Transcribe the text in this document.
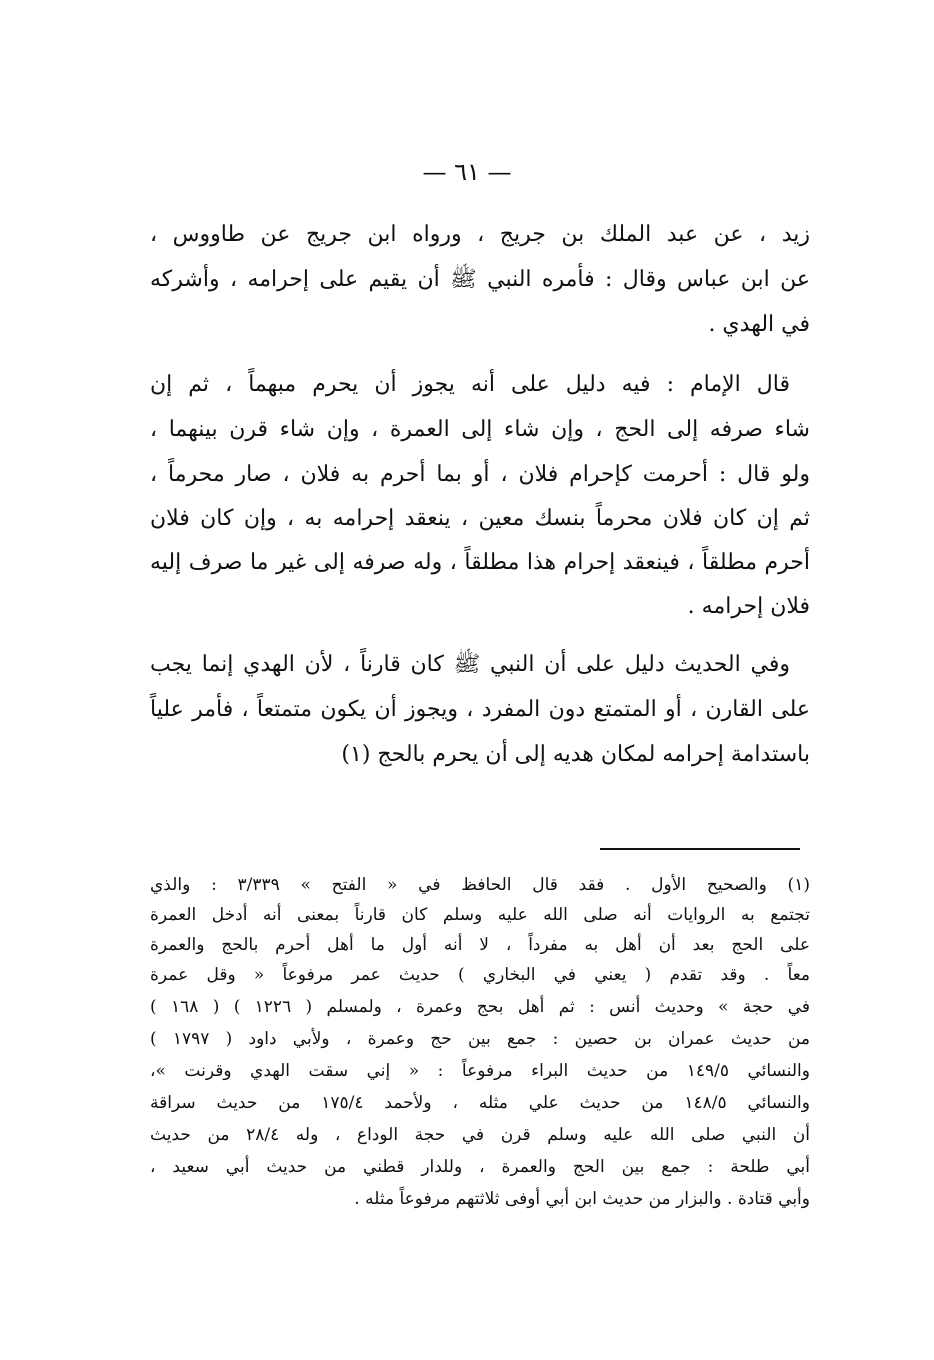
— ٦١ —
زيد ، عن عبد الملك بن جريج ، ورواه ابن جريج عن طاووس ،
عن ابن عباس وقال : فأمره النبي ﷺ أن يقيم على إحرامه ، وأشركه
في الهدي .
قال الإمام : فيه دليل على أنه يجوز أن يحرم مبهماً ، ثم إن
شاء صرفه إلى الحج ، وإن شاء إلى العمرة ، وإن شاء قرن بينهما ،
ولو قال : أحرمت كإحرام فلان ، أو بما أحرم به فلان ، صار محرماً ،
ثم إن كان فلان محرماً بنسك معين ، ينعقد إحرامه به ، وإن كان فلان
أحرم مطلقاً ، فينعقد إحرام هذا مطلقاً ، وله صرفه إلى غير ما صرف إليه
فلان إحرامه .
وفي الحديث دليل على أن النبي ﷺ كان قارناً ، لأن الهدي إنما يجب
على القارن ، أو المتمتع دون المفرد ، ويجوز أن يكون متمتعاً ، فأمر علياً
باستدامة إحرامه لمكان هديه إلى أن يحرم بالحج (١)
(١) والصحيح الأول . فقد قال الحافظ في « الفتح » ٣/٣٣٩ : والذي
تجتمع به الروايات أنه صلى الله عليه وسلم كان قارناً بمعنى أنه أدخل العمرة
على الحج بعد أن أهل به مفرداً ، لا أنه أول ما أهل أحرم بالحج والعمرة
معاً . وقد تقدم ( يعني في البخاري ) حديث عمر مرفوعاً « وقل عمرة
في حجة » وحديث أنس : ثم أهل بحج وعمرة ، ولمسلم ( ١٢٢٦ ) ( ١٦٨ )
من حديث عمران بن حصين : جمع بين حج وعمرة ، ولأبي داود ( ١٧٩٧ )
والنسائي ١٤٩/٥ من حديث البراء مرفوعاً : « إني سقت الهدي وقرنت »،
والنسائي ١٤٨/٥ من حديث علي مثله ، ولأحمد ١٧٥/٤ من حديث سراقة
أن النبي صلى الله عليه وسلم قرن في حجة الوداع ، وله ٢٨/٤ من حديث
أبي طلحة : جمع بين الحج والعمرة ، وللدار قطني من حديث أبي سعيد ،
وأبي قتادة . والبزار من حديث ابن أبي أوفى ثلاثتهم مرفوعاً مثله .
